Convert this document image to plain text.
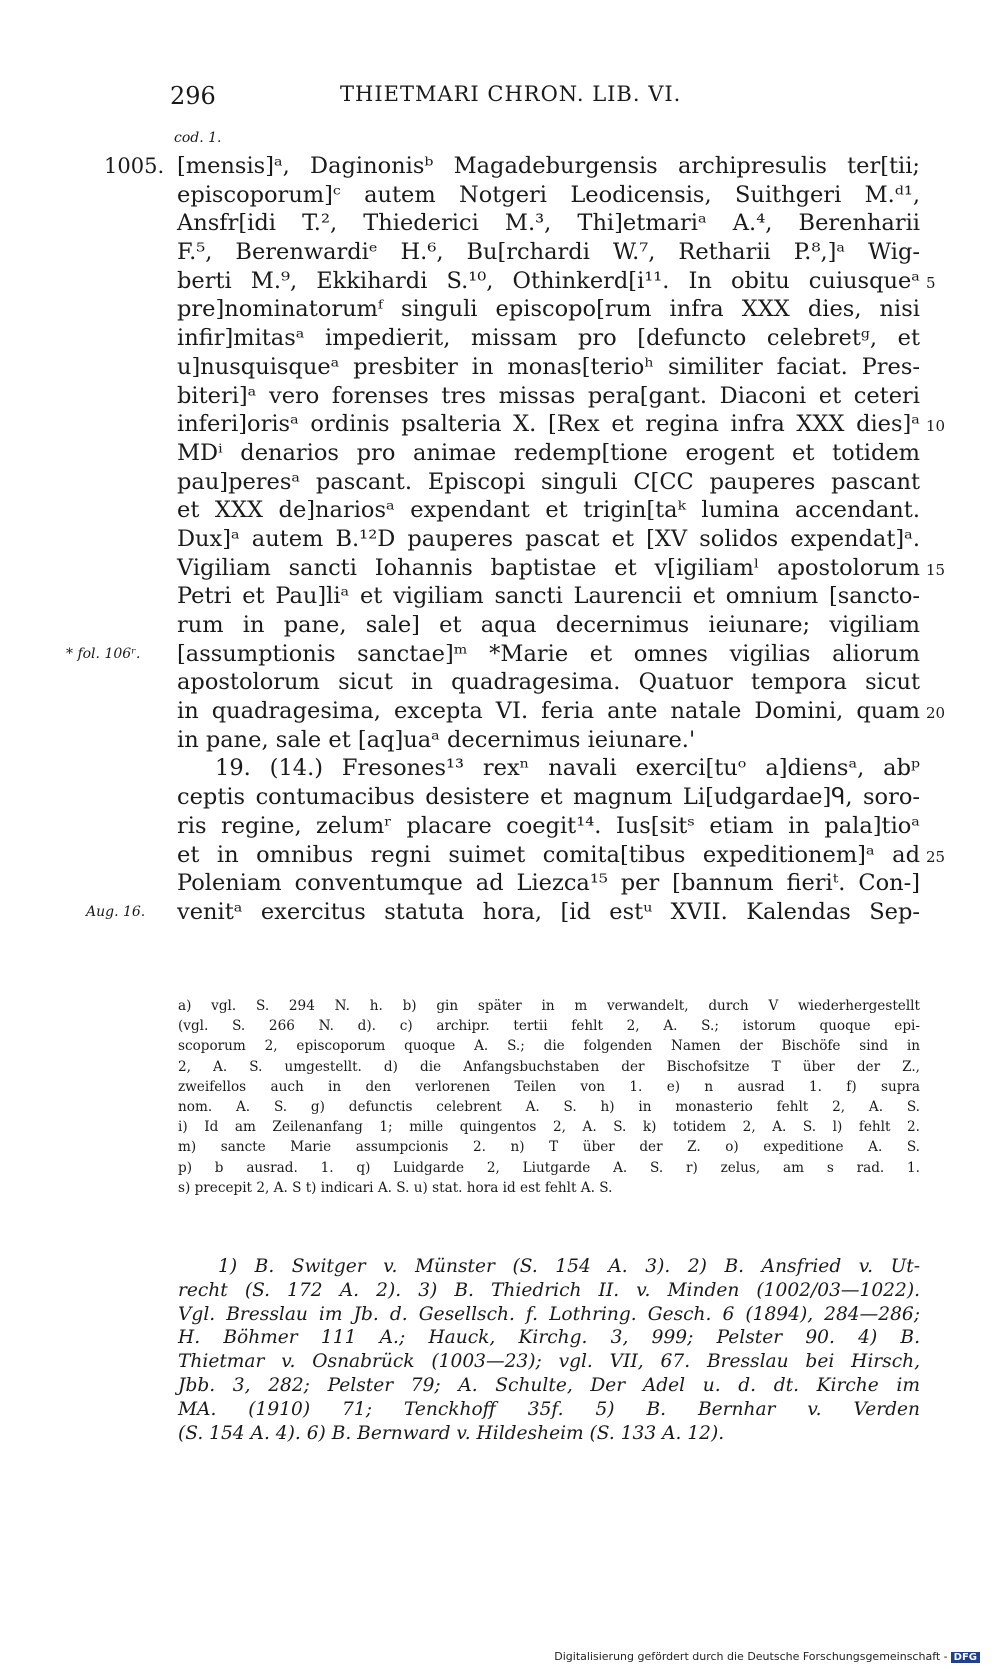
296	THIETMARI CHRON. LIB. VI.
cod. 1.
[mensis]ᵃ, Daginonisᵇ Magadeburgensis archipresulis ter[tii;
1005.
episcoporum]ᶜ autem Notgeri Leodicensis, Suithgeri M.ᵈ¹,
Ansfr[idi T.², Thiederici M.³, Thi]etmariᵃ A.⁴, Berenharii
F.⁵, Berenwardiᵉ H.⁶, Bu[rchardi W.⁷, Retharii P.⁸,]ᵃ Wig-
berti M.⁹, Ekkihardi S.¹⁰, Othinkerd[i¹¹. In obitu cuiusqueᵃ 5
pre]nominatorumᶠ singuli episcopo[rum infra XXX dies, nisi
infir]mitasᵃ impedierit, missam pro [defuncto celebretᵍ, et
u]nusquisqueᵃ presbiter in monas[terioʰ similiter faciat. Pres-
biteri]ᵃ vero forenses tres missas pera[gant. Diaconi et ceteri
inferi]orisᵃ ordinis psalteria X. [Rex et regina infra XXX dies]ᵃ 10
MDⁱ denarios pro animae redemp[tione erogent et totidem
pau]peresᵃ pascant. Episcopi singuli C[CC pauperes pascant
et XXX de]nariosᵃ expendant et trigin[taᵏ lumina accendant.
Dux]ᵃ autem B.¹²D pauperes pascat et [XV solidos expendat]ᵃ.
Vigiliam sancti Iohannis baptistae et v[igiliamˡ apostolorum 15
Petri et Pau]liᵃ et vigiliam sancti Laurencii et omnium [sancto-
rum in pane, sale] et aqua decernimus ieiunare; vigiliam
[assumptionis sanctae]ᵐ *Marie et omnes vigilias aliorum
* fol. 106ʳ.
apostolorum sicut in quadragesima. Quatuor tempora sicut
in quadragesima, excepta VI. feria ante natale Domini, quam 20
in pane, sale et [aq]uaᵃ decernimus ieiunare.'
19. (14.) Fresones¹³ rexⁿ navali exerci[tuᵒ a]diensᵃ, abᵖ
ceptis contumacibus desistere et magnum Li[udgardae]ᑫ, soro-
ris regine, zelumʳ placare coegit¹⁴. Ius[sitˢ etiam in pala]tioᵃ
et in omnibus regni suimet comita[tibus expeditionem]ᵃ ad 25
Poleniam conventumque ad Liezca¹⁵ per [bannum fieriᵗ. Con-]
venitᵃ exercitus statuta hora, [id estᵘ XVII. Kalendas Sep-
Aug. 16.
a) vgl. S. 294 N. h. b) gin später in m verwandelt, durch V wiederhergestellt
(vgl. S. 266 N. d). c) archipr. tertii fehlt 2, A. S.; istorum quoque epi-
scoporum 2, episcoporum quoque A. S.; die folgenden Namen der Bischöfe sind in
2, A. S. umgestellt. d) die Anfangsbuchstaben der Bischofsitze T über der Z.,
zweifellos auch in den verlorenen Teilen von 1. e) n ausrad 1. f) supra
nom. A. S. g) defunctis celebrent A. S. h) in monasterio fehlt 2, A. S.
i) Id am Zeilenanfang 1; mille quingentos 2, A. S. k) totidem 2, A. S. l) fehlt 2.
m) sancte Marie assumpcionis 2. n) T über der Z. o) expeditione A. S.
p) b ausrad. 1. q) Luidgarde 2, Liutgarde A. S. r) zelus, am s rad. 1.
s) precepit 2, A. S t) indicari A. S. u) stat. hora id est fehlt A. S.
1) B. Switger v. Münster (S. 154 A. 3). 2) B. Ansfried v. Ut-
recht (S. 172 A. 2). 3) B. Thiedrich II. v. Minden (1002/03—1022).
Vgl. Bresslau im Jb. d. Gesellsch. f. Lothring. Gesch. 6 (1894), 284—286;
H. Böhmer 111 A.; Hauck, Kirchg. 3, 999; Pelster 90. 4) B.
Thietmar v. Osnabrück (1003—23); vgl. VII, 67. Bresslau bei Hirsch,
Jbb. 3, 282; Pelster 79; A. Schulte, Der Adel u. d. dt. Kirche im
MA. (1910) 71; Tenckhoff 35f. 5) B. Bernhar v. Verden
(S. 154 A. 4). 6) B. Bernward v. Hildesheim (S. 133 A. 12).
Digitalisierung gefördert durch die Deutsche Forschungsgemeinschaft - DFG
